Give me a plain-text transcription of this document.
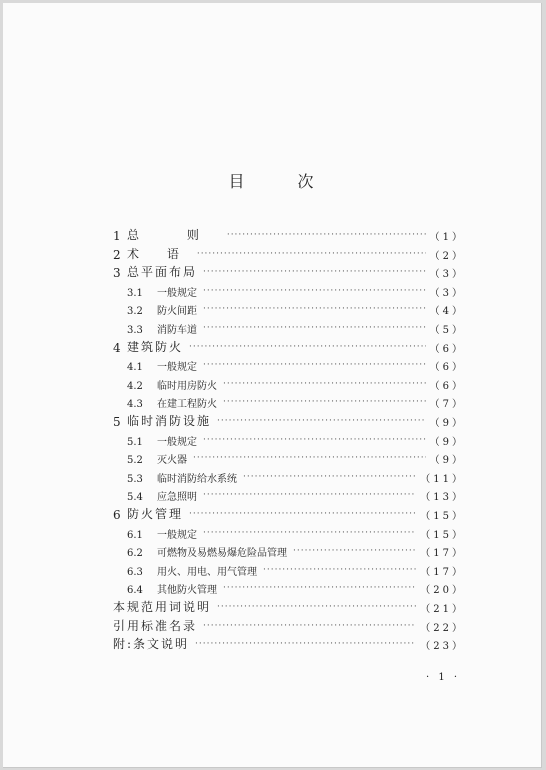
目 次
1 总 则 ·····	（1）
2 术 语 ·····	（2）
3 总平面布局 ·····	（3）
3.1	一般规定 ·····	（3）
3.2	防火间距 ·····	（4）
3.3	消防车道 ·····	（5）
4 建筑防火 ·····	（6）
4.1	一般规定 ·····	（6）
4.2	临时用房防火 ·····	（6）
4.3	在建工程防火 ·····	（7）
5 临时消防设施 ·····	（9）
5.1	一般规定 ·····	（9）
5.2	灭火器 ·····	（9）
5.3	临时消防给水系统 ·····	（11）
5.4	应急照明 ·····	（13）
6 防火管理 ·····	（15）
6.1	一般规定 ·····	（15）
6.2	可燃物及易燃易爆危险品管理 ·····	（17）
6.3	用火、用电、用气管理 ·····	（17）
6.4	其他防火管理 ·····	（20）
本规范用词说明 ·····	（21）
引用标准名录 ·····	（22）
附:条文说明 ·····	（23）
· 1 ·
